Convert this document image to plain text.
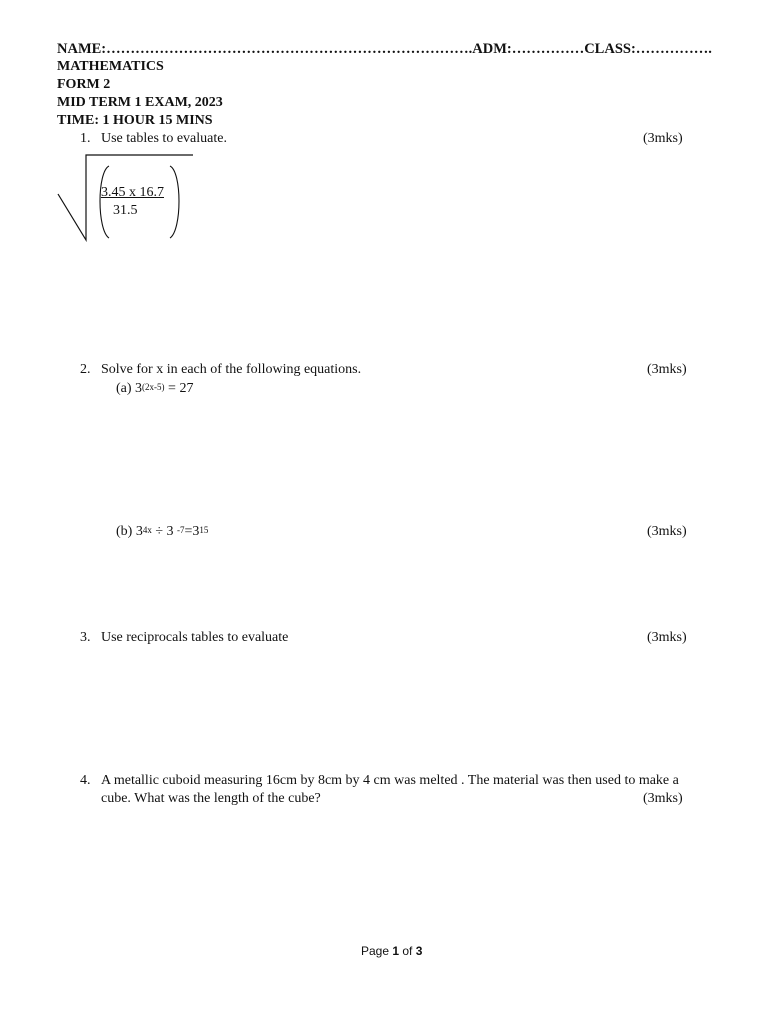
NAME:………………………………………………………………….ADM:……………CLASS:…………….
MATHEMATICS
FORM 2
MID TERM 1 EXAM, 2023
TIME: 1 HOUR 15 MINS
1. Use tables to evaluate.	(3mks)
3.45 x 16.7
31.5
2. Solve for x in each of the following equations.	(3mks)
(a) $3^{(2x-5)} = 27$
(b) $3^{4x} \div 3$ $^{-7}=3^{15}$	(3mks)
3. Use reciprocals tables to evaluate	(3mks)
4. A metallic cuboid measuring 16cm by 8cm by 4 cm was melted . The material was then used to make a
cube. What was the length of the cube?	(3mks)
Page 1 of 3
